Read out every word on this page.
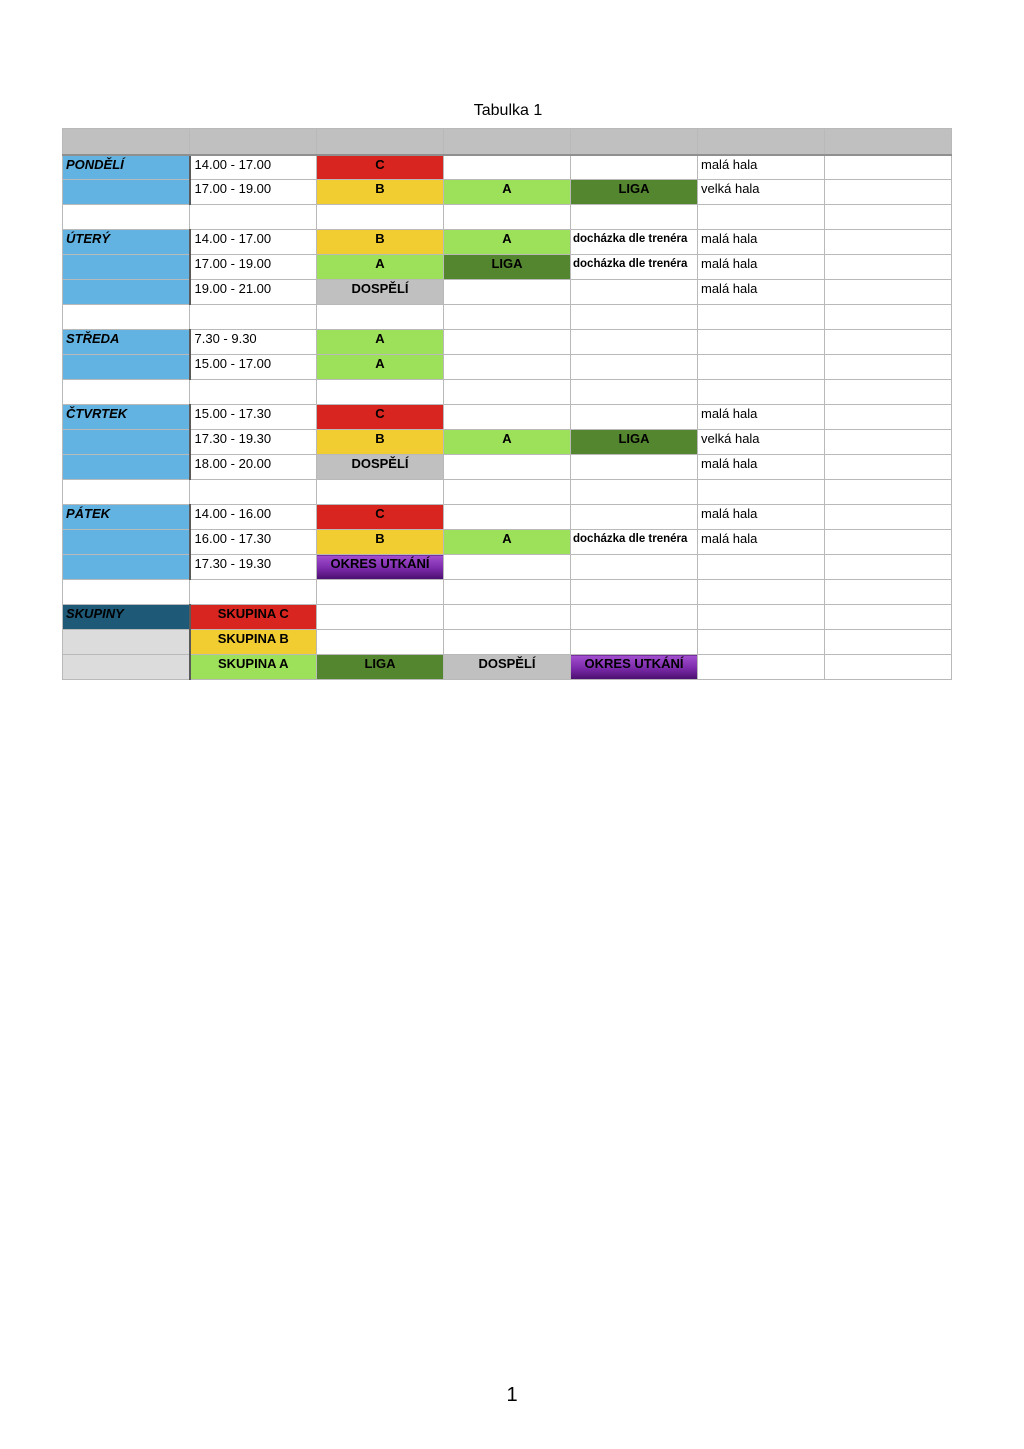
Tabulka 1

PONDĚLÍ	14.00 - 17.00	C			malá hala	
	17.00 - 19.00	B	A	LIGA	velká hala	

ÚTERÝ	14.00 - 17.00	B	A	docházka dle trenéra	malá hala	
	17.00 - 19.00	A	LIGA	docházka dle trenéra	malá hala	
	19.00 - 21.00	DOSPĚLÍ			malá hala	

STŘEDA	7.30 - 9.30	A				
	15.00 - 17.00	A				

ČTVRTEK	15.00 - 17.30	C			malá hala	
	17.30 - 19.30	B	A	LIGA	velká hala	
	18.00 - 20.00	DOSPĚLÍ			malá hala	

PÁTEK	14.00 - 16.00	C			malá hala	
	16.00 - 17.30	B	A	docházka dle trenéra	malá hala	
	17.30 - 19.30	OKRES UTKÁNÍ				

SKUPINY	SKUPINA C					
	SKUPINA B					
	SKUPINA A	LIGA	DOSPĚLÍ	OKRES UTKÁNÍ		
1
